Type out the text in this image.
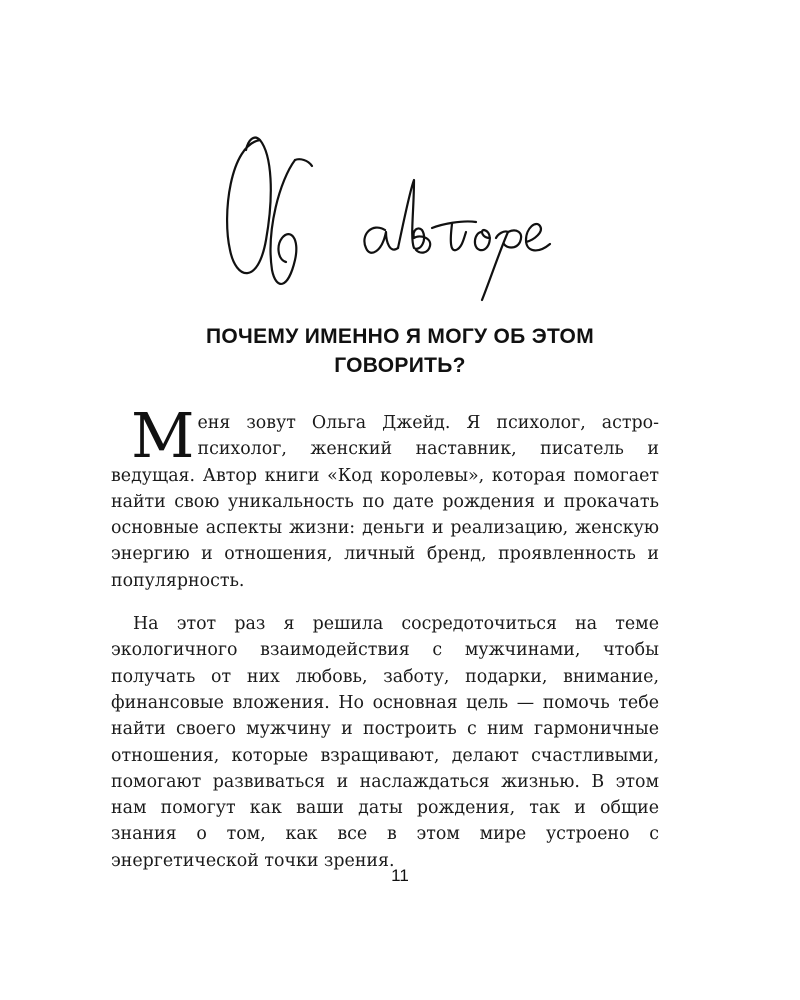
ПОЧЕМУ ИМЕННО Я МОГУ ОБ ЭТОМ
ГОВОРИТЬ?

Меня зовут Ольга Джейд. Я психолог, астро-психолог, женский наставник, писатель и ведущая. Автор книги «Код королевы», которая помогает найти свою уникальность по дате рождения и прокачать основные аспекты жизни: деньги и реализацию, женскую энергию и отношения, личный бренд, проявленность и популярность.

На этот раз я решила сосредоточиться на теме экологичного взаимодействия с мужчинами, чтобы получать от них любовь, заботу, подарки, внимание, финансовые вложения. Но основная цель — помочь тебе найти своего мужчину и построить с ним гармоничные отношения, которые взращивают, делают счастливыми, помогают развиваться и наслаждаться жизнью. В этом нам помогут как ваши даты рождения, так и общие знания о том, как все в этом мире устроено с энергетической точки зрения.

11
